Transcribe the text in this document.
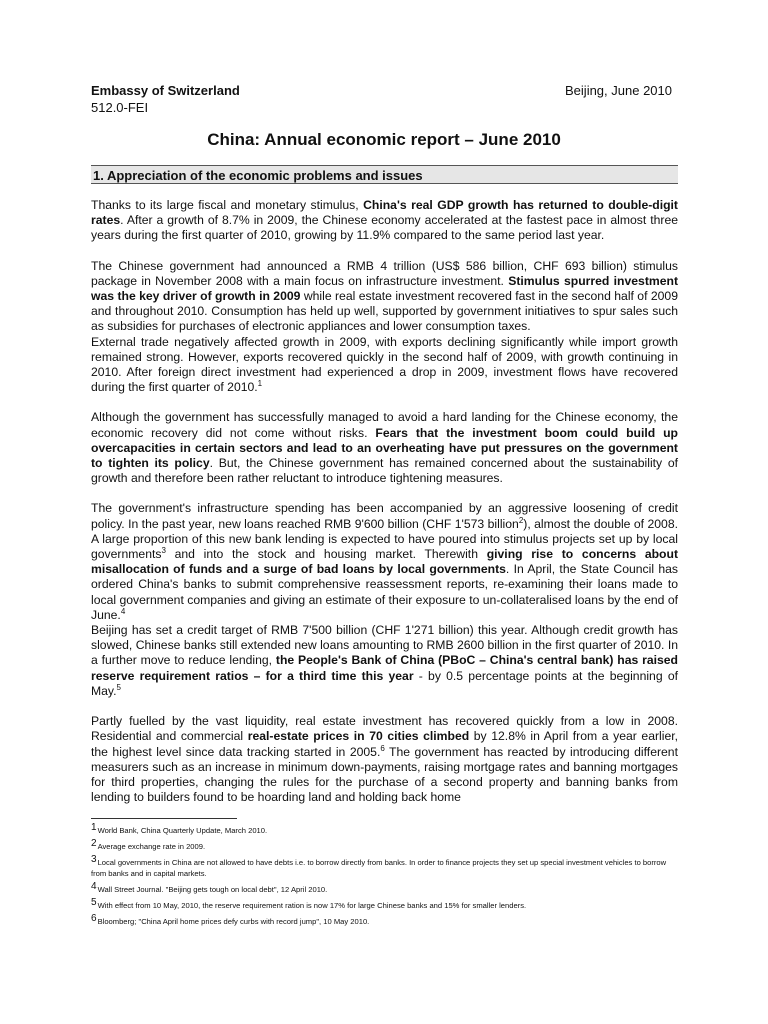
Embassy of Switzerland
512.0-FEI
Beijing, June 2010
China: Annual economic report – June 2010
1. Appreciation of the economic problems and issues

Thanks to its large fiscal and monetary stimulus, China's real GDP growth has returned to double-digit rates. After a growth of 8.7% in 2009, the Chinese economy accelerated at the fastest pace in almost three years during the first quarter of 2010, growing by 11.9% compared to the same period last year.

The Chinese government had announced a RMB 4 trillion (US$ 586 billion, CHF 693 billion) stimulus package in November 2008 with a main focus on infrastructure investment. Stimulus spurred investment was the key driver of growth in 2009 while real estate investment recovered fast in the second half of 2009 and throughout 2010. Consumption has held up well, supported by government initiatives to spur sales such as subsidies for purchases of electronic appliances and lower consumption taxes.

External trade negatively affected growth in 2009, with exports declining significantly while import growth remained strong. However, exports recovered quickly in the second half of 2009, with growth continuing in 2010. After foreign direct investment had experienced a drop in 2009, investment flows have recovered during the first quarter of 2010.$^1$

Although the government has successfully managed to avoid a hard landing for the Chinese economy, the economic recovery did not come without risks. Fears that the investment boom could build up overcapacities in certain sectors and lead to an overheating have put pressures on the government to tighten its policy. But, the Chinese government has remained concerned about the sustainability of growth and therefore been rather reluctant to introduce tightening measures.

The government's infrastructure spending has been accompanied by an aggressive loosening of credit policy. In the past year, new loans reached RMB 9'600 billion (CHF 1'573 billion$^2$), almost the double of 2008. A large proportion of this new bank lending is expected to have poured into stimulus projects set up by local governments$^3$ and into the stock and housing market. Therewith giving rise to concerns about misallocation of funds and a surge of bad loans by local governments. In April, the State Council has ordered China's banks to submit comprehensive reassessment reports, re-examining their loans made to local government companies and giving an estimate of their exposure to un-collateralised loans by the end of June.$^4$

Beijing has set a credit target of RMB 7'500 billion (CHF 1'271 billion) this year. Although credit growth has slowed, Chinese banks still extended new loans amounting to RMB 2600 billion in the first quarter of 2010. In a further move to reduce lending, the People's Bank of China (PBoC – China's central bank) has raised reserve requirement ratios – for a third time this year - by 0.5 percentage points at the beginning of May.$^5$

Partly fuelled by the vast liquidity, real estate investment has recovered quickly from a low in 2008. Residential and commercial real-estate prices in 70 cities climbed by 12.8% in April from a year earlier, the highest level since data tracking started in 2005.$^6$ The government has reacted by introducing different measurers such as an increase in minimum down-payments, raising mortgage rates and banning mortgages for third properties, changing the rules for the purchase of a second property and banning banks from lending to builders found to be hoarding land and holding back home

1World Bank, China Quarterly Update, March 2010.
2Average exchange rate in 2009.
3Local governments in China are not allowed to have debts i.e. to borrow directly from banks. In order to finance projects they set up special investment vehicles to borrow from banks and in capital markets.
4Wall Street Journal. "Beijing gets tough on local debt", 12 April 2010.
5With effect from 10 May, 2010, the reserve requirement ration is now 17% for large Chinese banks and 15% for smaller lenders.
6Bloomberg; "China April home prices defy curbs with record jump", 10 May 2010.
